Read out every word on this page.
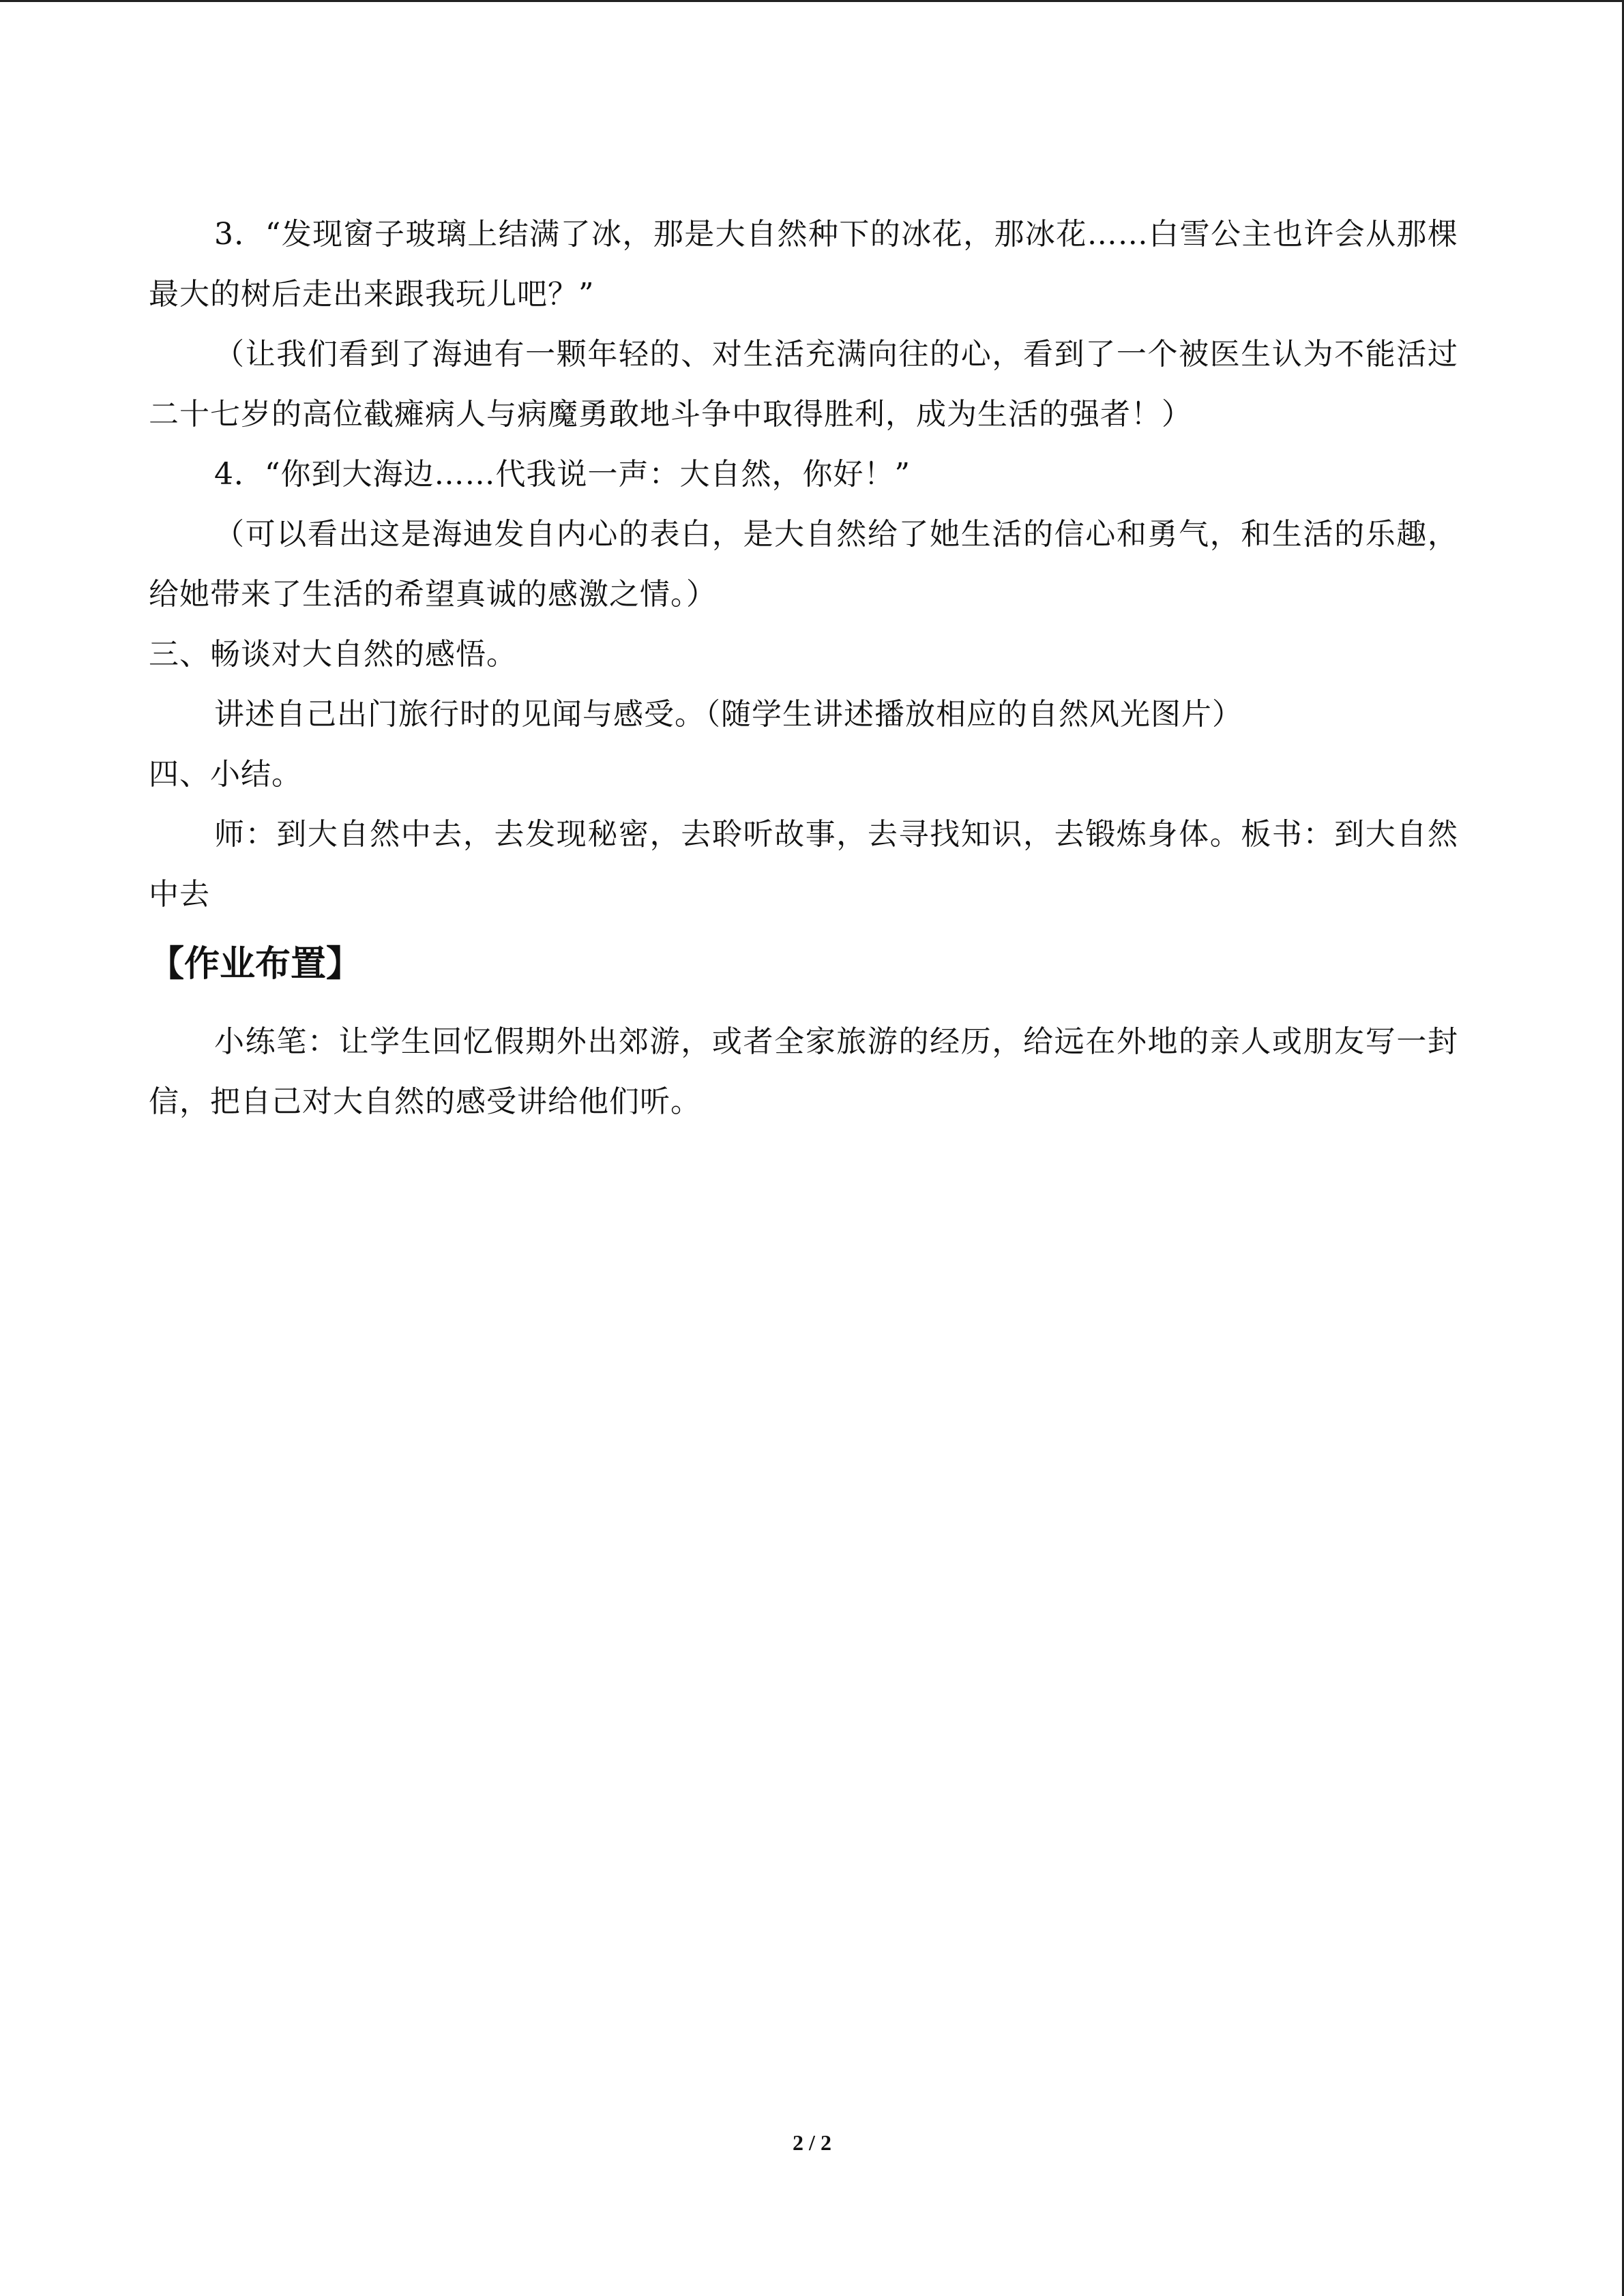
3．“发现窗子玻璃上结满了冰，那是大自然种下的冰花，那冰花……白雪公主也许会从那棵最大的树后走出来跟我玩儿吧？”

（让我们看到了海迪有一颗年轻的、对生活充满向往的心，看到了一个被医生认为不能活过二十七岁的高位截瘫病人与病魔勇敢地斗争中取得胜利，成为生活的强者！）

4．“你到大海边……代我说一声：大自然，你好！”

（可以看出这是海迪发自内心的表白，是大自然给了她生活的信心和勇气，和生活的乐趣，给她带来了生活的希望真诚的感激之情。）

三、畅谈对大自然的感悟。

讲述自己出门旅行时的见闻与感受。（随学生讲述播放相应的自然风光图片）

四、小结。

师：到大自然中去，去发现秘密，去聆听故事，去寻找知识，去锻炼身体。板书：到大自然中去

【作业布置】

小练笔：让学生回忆假期外出郊游，或者全家旅游的经历，给远在外地的亲人或朋友写一封信，把自己对大自然的感受讲给他们听。

2 / 2
